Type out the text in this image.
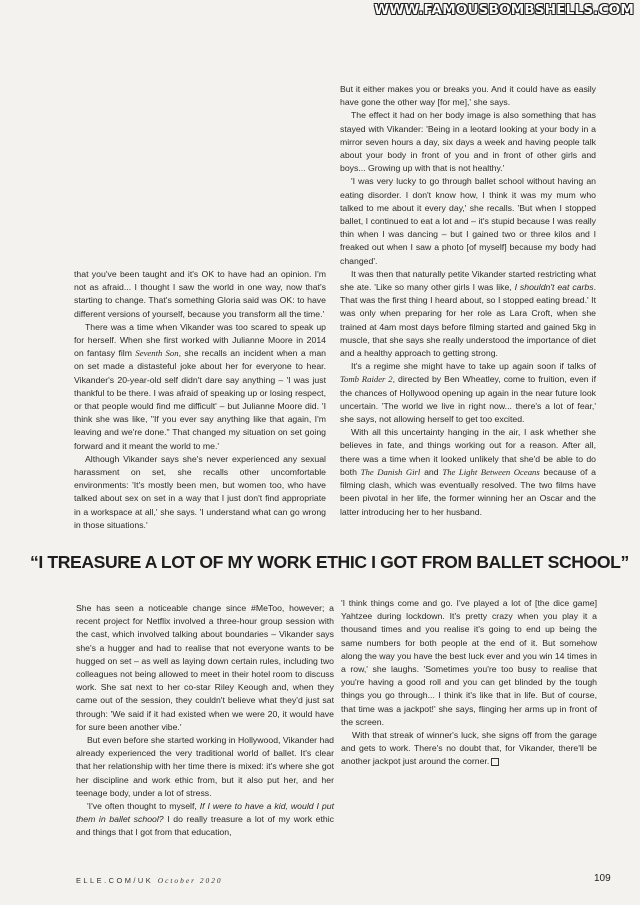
WWW.FAMOUSBOMBSHELLS.COM

that you've been taught and it's OK to have had an opinion. I'm not as afraid... I thought I saw the world in one way, now that's starting to change. That's something Gloria said was OK: to have different versions of yourself, because you transform all the time.'

There was a time when Vikander was too scared to speak up for herself. When she first worked with Julianne Moore in 2014 on fantasy film Seventh Son, she recalls an incident when a man on set made a distasteful joke about her for everyone to hear. Vikander's 20-year-old self didn't dare say anything – 'I was just thankful to be there. I was afraid of speaking up or losing respect, or that people would find me difficult' – but Julianne Moore did. 'I think she was like, "If you ever say anything like that again, I'm leaving and we're done." That changed my situation on set going forward and it meant the world to me.'

Although Vikander says she's never experienced any sexual harassment on set, she recalls other uncomfortable environments: 'It's mostly been men, but women too, who have talked about sex on set in a way that I just don't find appropriate in a workspace at all,' she says. 'I understand what can go wrong in those situations.'

But it either makes you or breaks you. And it could have as easily have gone the other way [for me],' she says.

The effect it had on her body image is also something that has stayed with Vikander: 'Being in a leotard looking at your body in a mirror seven hours a day, six days a week and having people talk about your body in front of you and in front of other girls and boys... Growing up with that is not healthy.'

'I was very lucky to go through ballet school without having an eating disorder. I don't know how, I think it was my mum who talked to me about it every day,' she recalls. 'But when I stopped ballet, I continued to eat a lot and – it's stupid because I was really thin when I was dancing – but I gained two or three kilos and I freaked out when I saw a photo [of myself] because my body had changed'.

It was then that naturally petite Vikander started restricting what she ate. 'Like so many other girls I was like, I shouldn't eat carbs. That was the first thing I heard about, so I stopped eating bread.' It was only when preparing for her role as Lara Croft, when she trained at 4am most days before filming started and gained 5kg in muscle, that she says she really understood the importance of diet and a healthy approach to getting strong.

It's a regime she might have to take up again soon if talks of Tomb Raider 2, directed by Ben Wheatley, come to fruition, even if the chances of Hollywood opening up again in the near future look uncertain. 'The world we live in right now... there's a lot of fear,' she says, not allowing herself to get too excited.

With all this uncertainty hanging in the air, I ask whether she believes in fate, and things working out for a reason. After all, there was a time when it looked unlikely that she'd be able to do both The Danish Girl and The Light Between Oceans because of a filming clash, which was eventually resolved. The two films have been pivotal in her life, the former winning her an Oscar and the latter introducing her to her husband.

“I TREASURE A LOT OF MY WORK ETHIC I GOT FROM BALLET SCHOOL”

She has seen a noticeable change since #MeToo, however; a recent project for Netflix involved a three-hour group session with the cast, which involved talking about boundaries – Vikander says she's a hugger and had to realise that not everyone wants to be hugged on set – as well as laying down certain rules, including two colleagues not being allowed to meet in their hotel room to discuss work. She sat next to her co-star Riley Keough and, when they came out of the session, they couldn't believe what they'd just sat through: 'We said if it had existed when we were 20, it would have for sure been another vibe.'

But even before she started working in Hollywood, Vikander had already experienced the very traditional world of ballet. It's clear that her relationship with her time there is mixed: it's where she got her discipline and work ethic from, but it also put her, and her teenage body, under a lot of stress.

'I've often thought to myself, If I were to have a kid, would I put them in ballet school? I do really treasure a lot of my work ethic and things that I got from that education,

'I think things come and go. I've played a lot of [the dice game] Yahtzee during lockdown. It's pretty crazy when you play it a thousand times and you realise it's going to end up being the same numbers for both people at the end of it. But somehow along the way you have the best luck ever and you win 14 times in a row,' she laughs. 'Sometimes you're too busy to realise that you're having a good roll and you can get blinded by the tough things you go through... I think it's like that in life. But of course, that time was a jackpot!' she says, flinging her arms up in front of the screen.

With that streak of winner's luck, she signs off from the garage and gets to work. There's no doubt that, for Vikander, there'll be another jackpot just around the corner.

ELLE.COM/UK October 2020	109
